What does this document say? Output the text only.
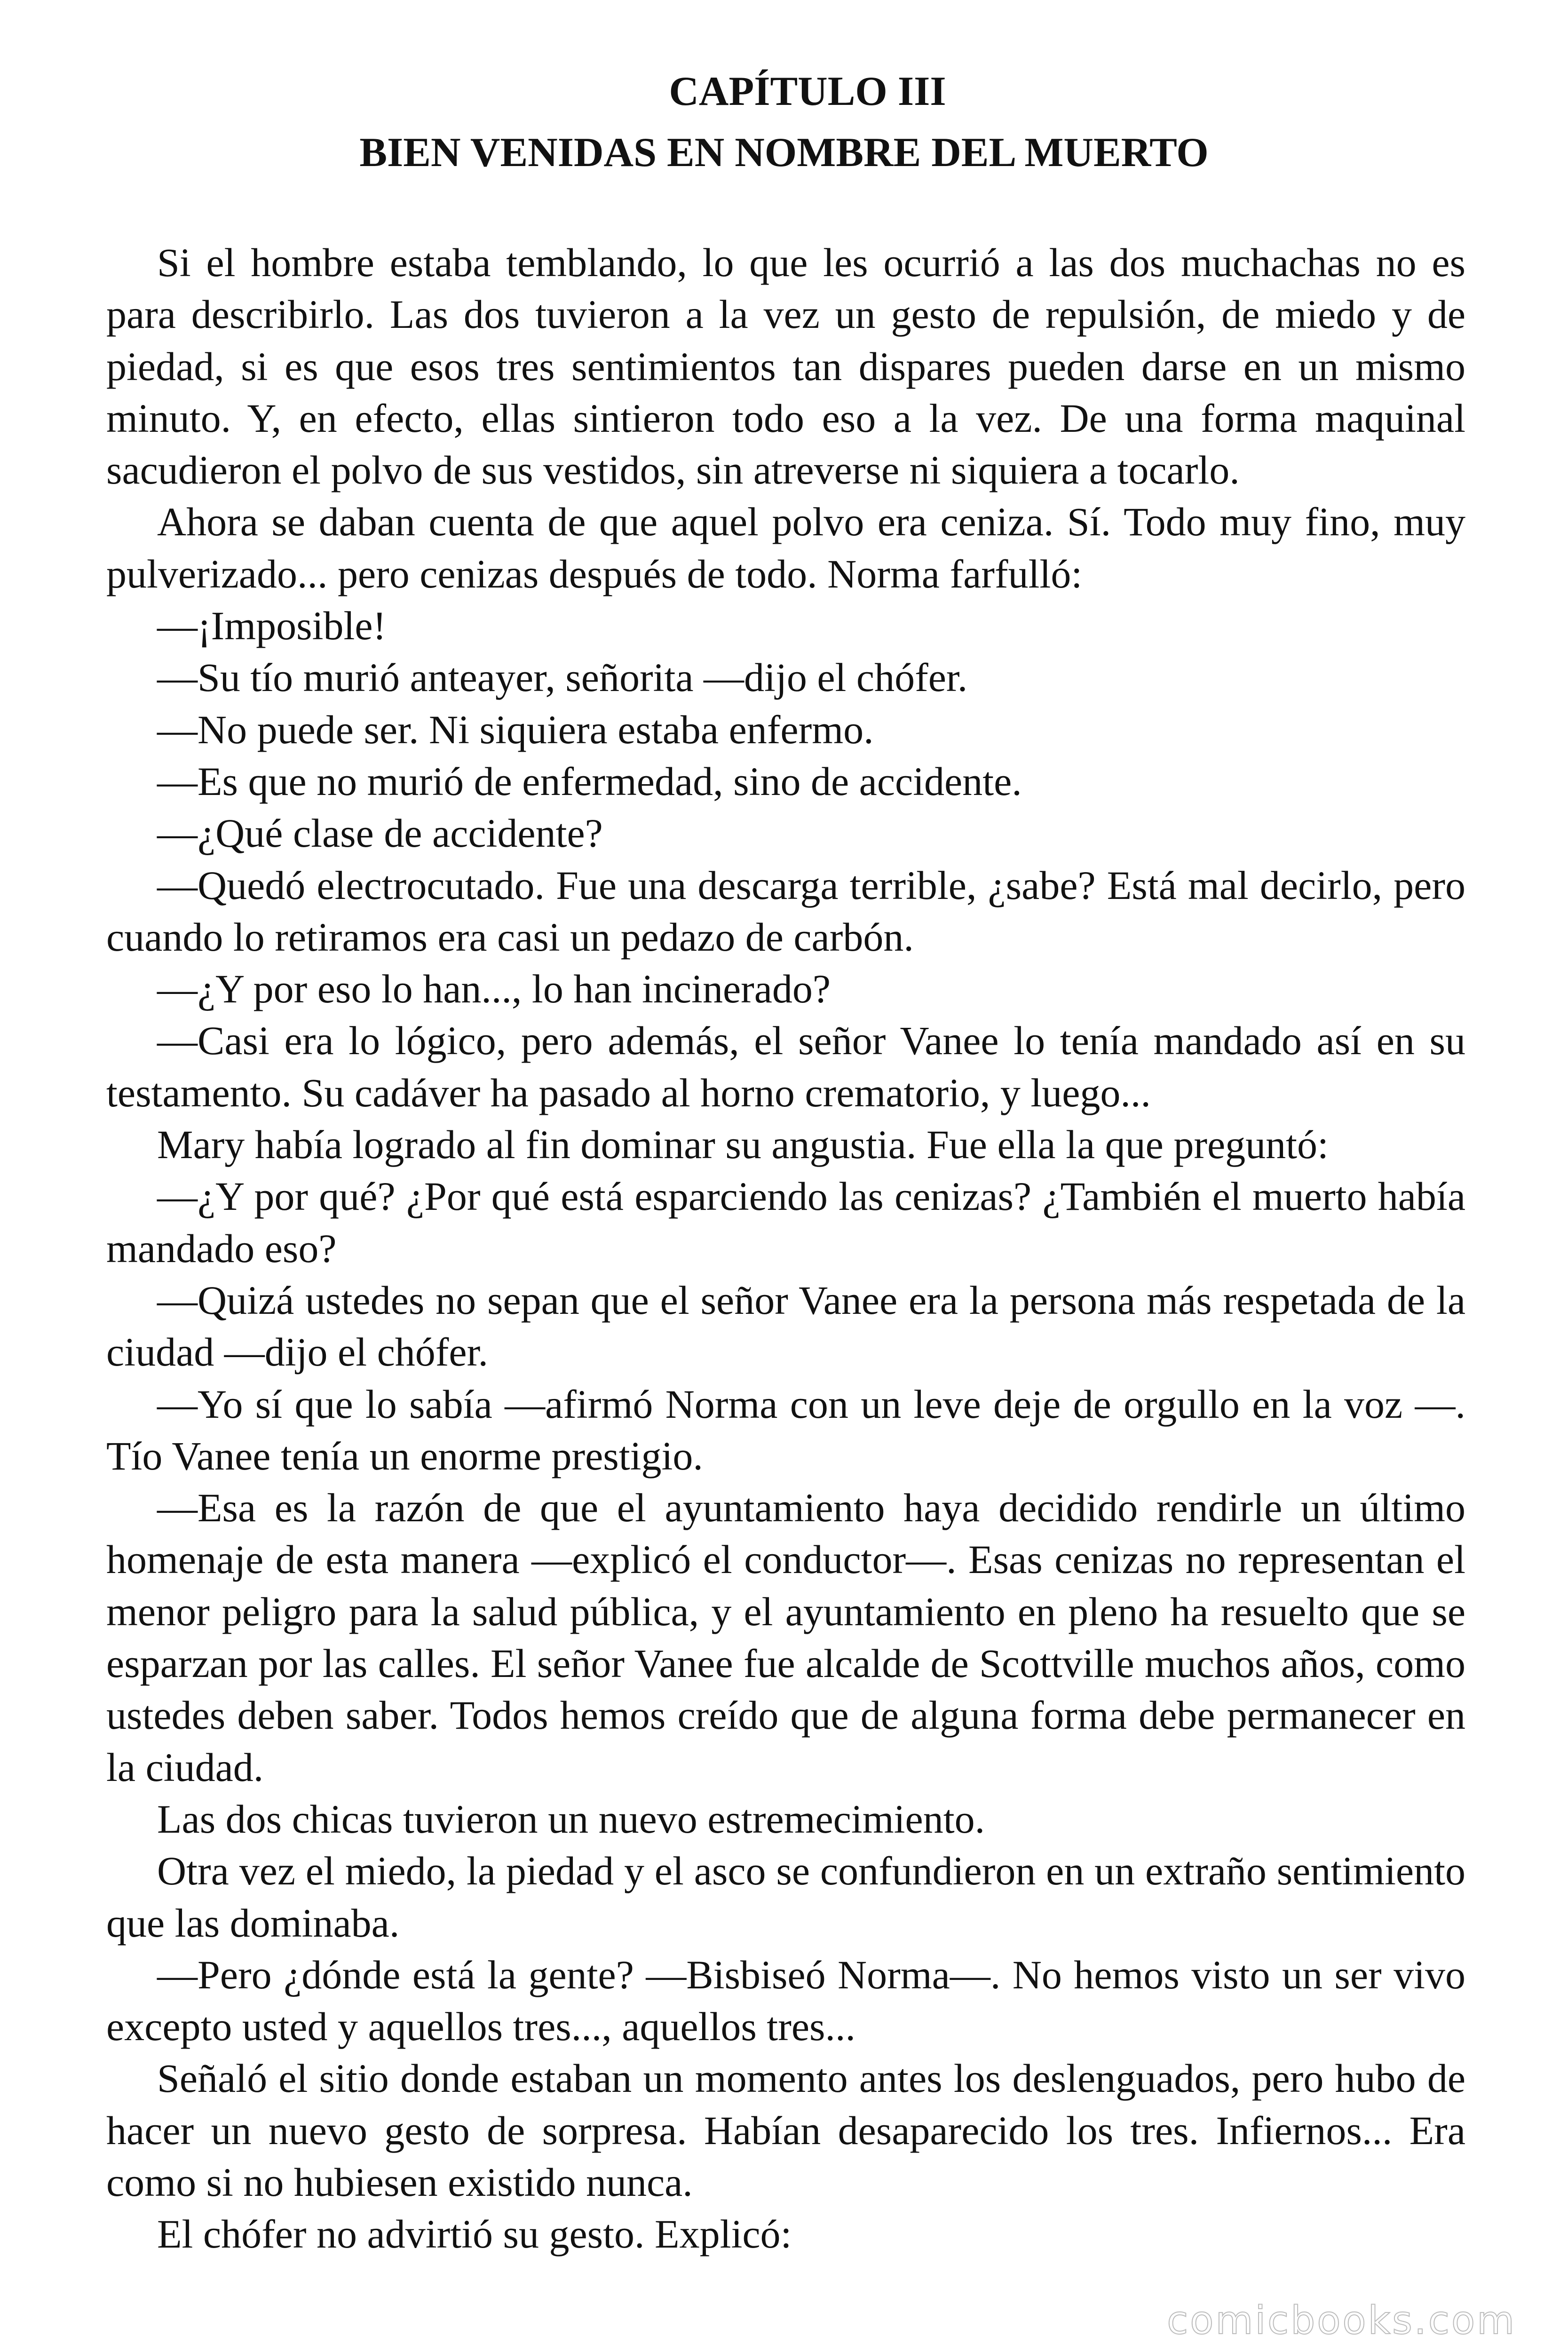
CAPÍTULO III
BIEN VENIDAS EN NOMBRE DEL MUERTO

Si el hombre estaba temblando, lo que les ocurrió a las dos muchachas no es para describirlo. Las dos tuvieron a la vez un gesto de repulsión, de miedo y de piedad, si es que esos tres sentimientos tan dispares pueden darse en un mismo minuto. Y, en efecto, ellas sintieron todo eso a la vez. De una forma maquinal sacudieron el polvo de sus vestidos, sin atreverse ni siquiera a tocarlo.

Ahora se daban cuenta de que aquel polvo era ceniza. Sí. Todo muy fino, muy pulverizado... pero cenizas después de todo. Norma farfulló:

—¡Imposible!

—Su tío murió anteayer, señorita —dijo el chófer.

—No puede ser. Ni siquiera estaba enfermo.

—Es que no murió de enfermedad, sino de accidente.

—¿Qué clase de accidente?

—Quedó electrocutado. Fue una descarga terrible, ¿sabe? Está mal decirlo, pero cuando lo retiramos era casi un pedazo de carbón.

—¿Y por eso lo han..., lo han incinerado?

—Casi era lo lógico, pero además, el señor Vanee lo tenía mandado así en su testamento. Su cadáver ha pasado al horno crematorio, y luego...

Mary había logrado al fin dominar su angustia. Fue ella la que preguntó:

—¿Y por qué? ¿Por qué está esparciendo las cenizas? ¿También el muerto había mandado eso?

—Quizá ustedes no sepan que el señor Vanee era la persona más respetada de la ciudad —dijo el chófer.

—Yo sí que lo sabía —afirmó Norma con un leve deje de orgullo en la voz —. Tío Vanee tenía un enorme prestigio.

—Esa es la razón de que el ayuntamiento haya decidido rendirle un último homenaje de esta manera —explicó el conductor—. Esas cenizas no representan el menor peligro para la salud pública, y el ayuntamiento en pleno ha resuelto que se esparzan por las calles. El señor Vanee fue alcalde de Scottville muchos años, como ustedes deben saber. Todos hemos creído que de alguna forma debe permanecer en la ciudad.

Las dos chicas tuvieron un nuevo estremecimiento.

Otra vez el miedo, la piedad y el asco se confundieron en un extraño sentimiento que las dominaba.

—Pero ¿dónde está la gente? —Bisbiseó Norma—. No hemos visto un ser vivo excepto usted y aquellos tres..., aquellos tres...

Señaló el sitio donde estaban un momento antes los deslenguados, pero hubo de hacer un nuevo gesto de sorpresa. Habían desaparecido los tres. Infiernos... Era como si no hubiesen existido nunca.

El chófer no advirtió su gesto. Explicó:

comicbooks.com
